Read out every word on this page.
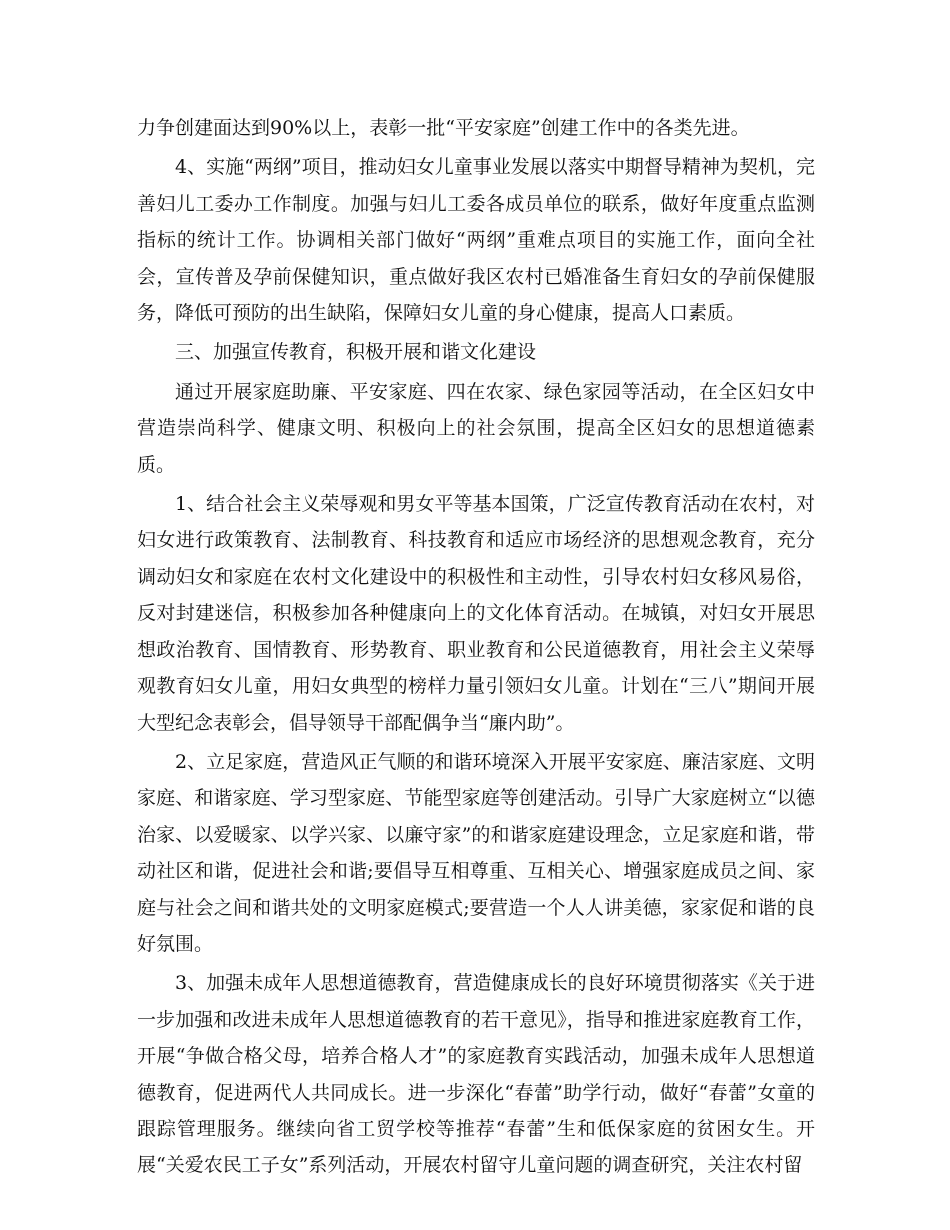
力争创建面达到90%以上，表彰一批“平安家庭”创建工作中的各类先进。

4、实施“两纲”项目，推动妇女儿童事业发展以落实中期督导精神为契机，完善妇儿工委办工作制度。加强与妇儿工委各成员单位的联系，做好年度重点监测指标的统计工作。协调相关部门做好“两纲”重难点项目的实施工作，面向全社会，宣传普及孕前保健知识，重点做好我区农村已婚准备生育妇女的孕前保健服务，降低可预防的出生缺陷，保障妇女儿童的身心健康，提高人口素质。

三、加强宣传教育，积极开展和谐文化建设

通过开展家庭助廉、平安家庭、四在农家、绿色家园等活动，在全区妇女中营造崇尚科学、健康文明、积极向上的社会氛围，提高全区妇女的思想道德素质。

1、结合社会主义荣辱观和男女平等基本国策，广泛宣传教育活动在农村，对妇女进行政策教育、法制教育、科技教育和适应市场经济的思想观念教育，充分调动妇女和家庭在农村文化建设中的积极性和主动性，引导农村妇女移风易俗，反对封建迷信，积极参加各种健康向上的文化体育活动。在城镇，对妇女开展思想政治教育、国情教育、形势教育、职业教育和公民道德教育，用社会主义荣辱观教育妇女儿童，用妇女典型的榜样力量引领妇女儿童。计划在“三八”期间开展大型纪念表彰会，倡导领导干部配偶争当“廉内助”。

2、立足家庭，营造风正气顺的和谐环境深入开展平安家庭、廉洁家庭、文明家庭、和谐家庭、学习型家庭、节能型家庭等创建活动。引导广大家庭树立“以德治家、以爱暖家、以学兴家、以廉守家”的和谐家庭建设理念，立足家庭和谐，带动社区和谐，促进社会和谐;要倡导互相尊重、互相关心、增强家庭成员之间、家庭与社会之间和谐共处的文明家庭模式;要营造一个人人讲美德，家家促和谐的良好氛围。

3、加强未成年人思想道德教育，营造健康成长的良好环境贯彻落实《关于进一步加强和改进未成年人思想道德教育的若干意见》，指导和推进家庭教育工作，开展“争做合格父母，培养合格人才”的家庭教育实践活动，加强未成年人思想道德教育，促进两代人共同成长。进一步深化“春蕾”助学行动，做好“春蕾”女童的跟踪管理服务。继续向省工贸学校等推荐“春蕾”生和低保家庭的贫困女生。开展“关爱农民工子女”系列活动，开展农村留守儿童问题的调查研究，关注农村留
